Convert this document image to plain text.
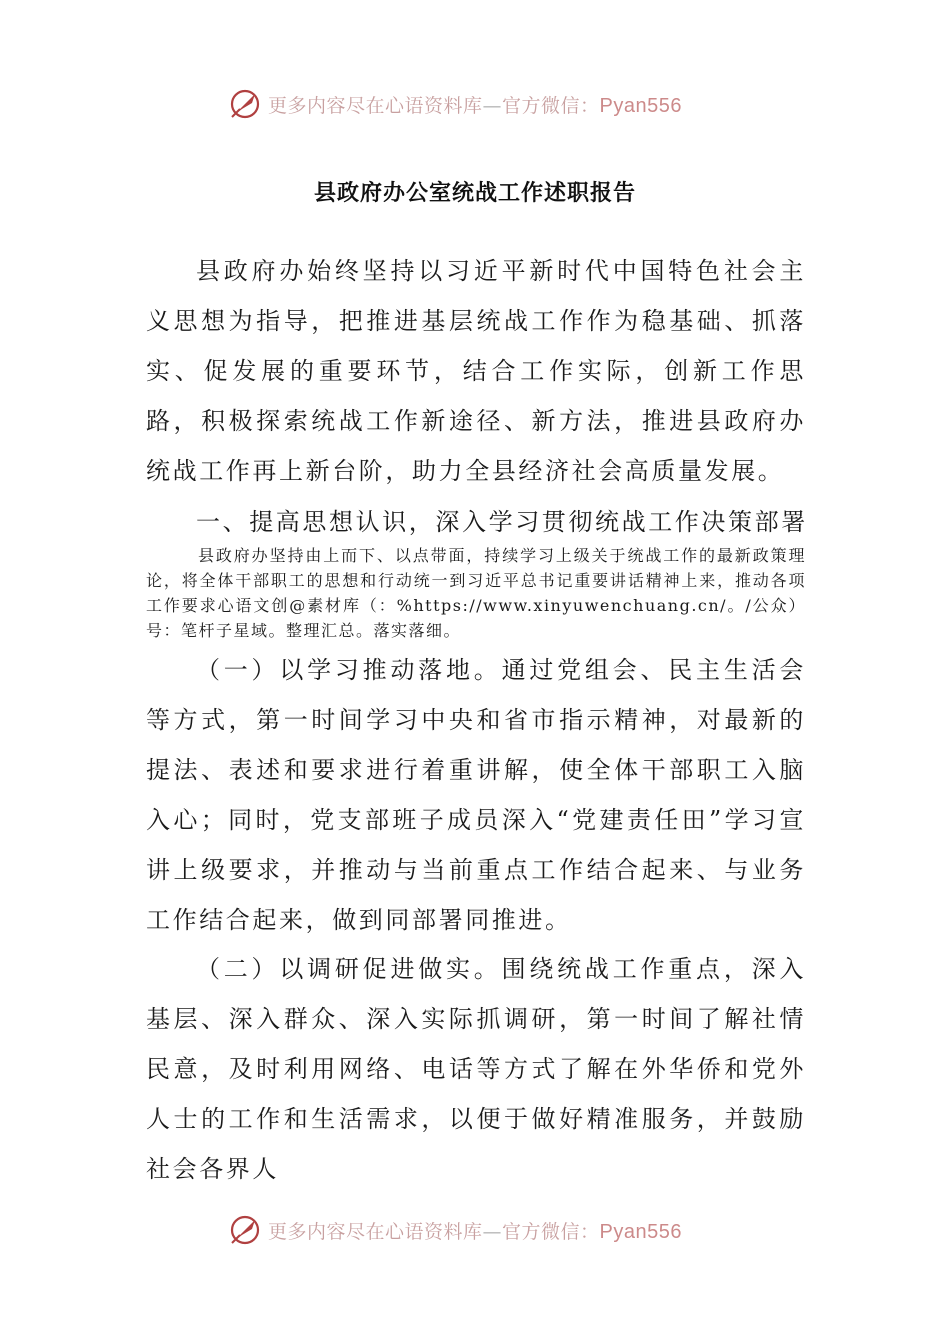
更多内容尽在心语资料库—官方微信：Pyan556
县政府办公室统战工作述职报告

县政府办始终坚持以习近平新时代中国特色社会主义思想为指导，把推进基层统战工作作为稳基础、抓落实、促发展的重要环节，结合工作实际，创新工作思路，积极探索统战工作新途径、新方法，推进县政府办统战工作再上新台阶，助力全县经济社会高质量发展。

一、提高思想认识，深入学习贯彻统战工作决策部署

县政府办坚持由上而下、以点带面，持续学习上级关于统战工作的最新政策理论，将全体干部职工的思想和行动统一到习近平总书记重要讲话精神上来，推动各项工作要求心语文创@素材库（：%https://www.xinyuwenchuang.cn/。/公众）号：笔杆子星域。整理汇总。落实落细。

（一）以学习推动落地。通过党组会、民主生活会等方式，第一时间学习中央和省市指示精神，对最新的提法、表述和要求进行着重讲解，使全体干部职工入脑入心；同时，党支部班子成员深入“党建责任田”学习宣讲上级要求，并推动与当前重点工作结合起来、与业务工作结合起来，做到同部署同推进。

（二）以调研促进做实。围绕统战工作重点，深入基层、深入群众、深入实际抓调研，第一时间了解社情民意，及时利用网络、电话等方式了解在外华侨和党外人士的工作和生活需求，以便于做好精准服务，并鼓励社会各界人

更多内容尽在心语资料库—官方微信：Pyan556
